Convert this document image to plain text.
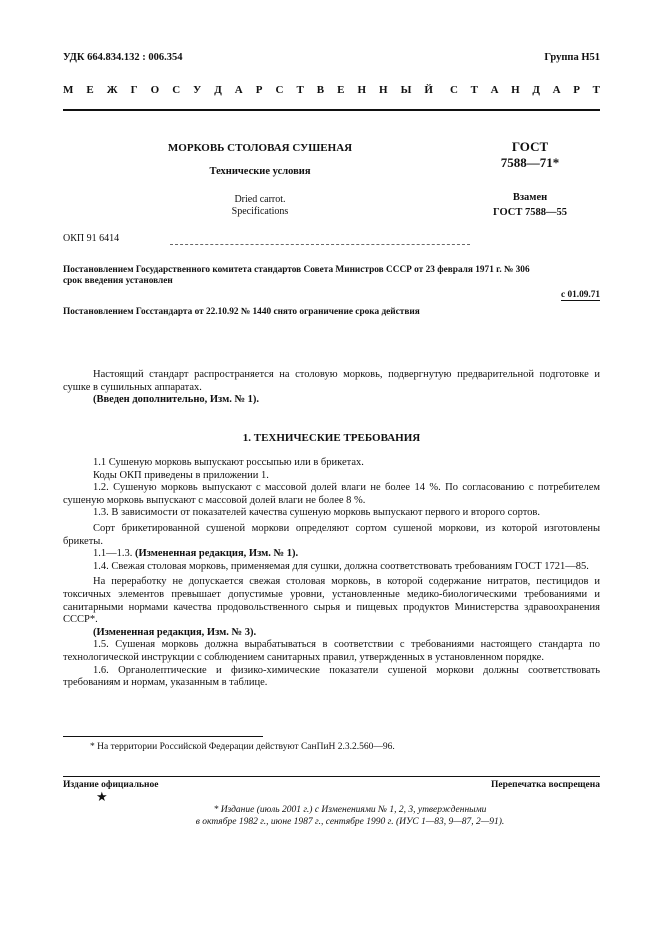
УДК 664.834.132 : 006.354	Группа Н51
М Е Ж Г О С У Д А Р С Т В Е Н Н Ы Й С Т А Н Д А Р Т
МОРКОВЬ СТОЛОВАЯ СУШЕНАЯ
Технические условия
Dried carrot.
Specifications
ГОСТ
7588—71*
Взамен
ГОСТ 7588—55
ОКП 91 6414
Постановлением Государственного комитета стандартов Совета Министров СССР от 23 февраля 1971 г. № 306
срок введения установлен
с 01.09.71
Постановлением Госстандарта от 22.10.92 № 1440 снято ограничение срока действия

Настоящий стандарт распространяется на столовую морковь, подвергнутую предварительной подготовке и сушке в сушильных аппаратах.

(Введен дополнительно, Изм. № 1).

1. ТЕХНИЧЕСКИЕ ТРЕБОВАНИЯ

1.1 Сушеную морковь выпускают россыпью или в брикетах.

Коды ОКП приведены в приложении 1.

1.2. Сушеную морковь выпускают с массовой долей влаги не более 14 %. По согласованию с потребителем сушеную морковь выпускают с массовой долей влаги не более 8 %.

1.3. В зависимости от показателей качества сушеную морковь выпускают первого и второго сортов.

Сорт брикетированной сушеной моркови определяют сортом сушеной моркови, из которой изготовлены брикеты.

1.1—1.3. (Измененная редакция, Изм. № 1).

1.4. Свежая столовая морковь, применяемая для сушки, должна соответствовать требованиям ГОСТ 1721—85.

На переработку не допускается свежая столовая морковь, в которой содержание нитратов, пестицидов и токсичных элементов превышает допустимые уровни, установленные медико-биологическими требованиями и санитарными нормами качества продовольственного сырья и пищевых продуктов Министерства здравоохранения СССР*.

(Измененная редакция, Изм. № 3).

1.5. Сушеная морковь должна вырабатываться в соответствии с требованиями настоящего стандарта по технологической инструкции с соблюдением санитарных правил, утвержденных в установленном порядке.

1.6. Органолептические и физико-химические показатели сушеной моркови должны соответствовать требованиям и нормам, указанным в таблице.

* На территории Российской Федерации действуют СанПиН 2.3.2.560—96.
Издание официальное	Перепечатка воспрещена
★
* Издание (июль 2001 г.) с Изменениями № 1, 2, 3, утвержденными
в октябре 1982 г., июне 1987 г., сентябре 1990 г. (ИУС 1—83, 9—87, 2—91).
